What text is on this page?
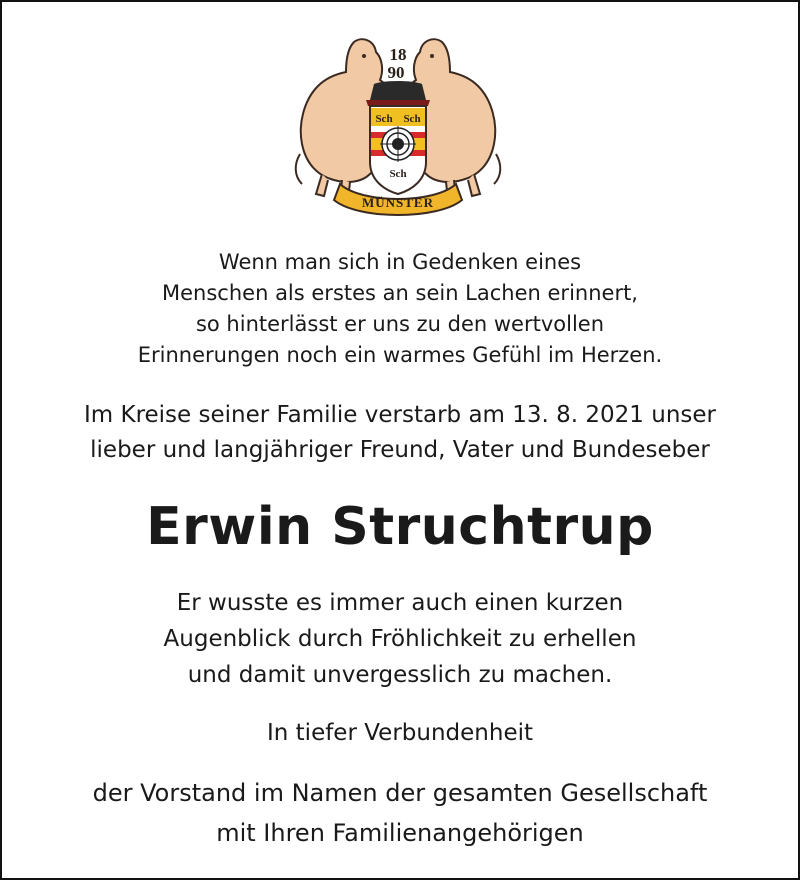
18
90
Sch Sch
Sch
MÜNSTER
Wenn man sich in Gedenken eines
Menschen als erstes an sein Lachen erinnert,
so hinterlässt er uns zu den wertvollen
Erinnerungen noch ein warmes Gefühl im Herzen.
Im Kreise seiner Familie verstarb am 13. 8. 2021 unser
lieber und langjähriger Freund, Vater und Bundeseber
Erwin Struchtrup
Er wusste es immer auch einen kurzen
Augenblick durch Fröhlichkeit zu erhellen
und damit unvergesslich zu machen.
In tiefer Verbundenheit
der Vorstand im Namen der gesamten Gesellschaft
mit Ihren Familienangehörigen
